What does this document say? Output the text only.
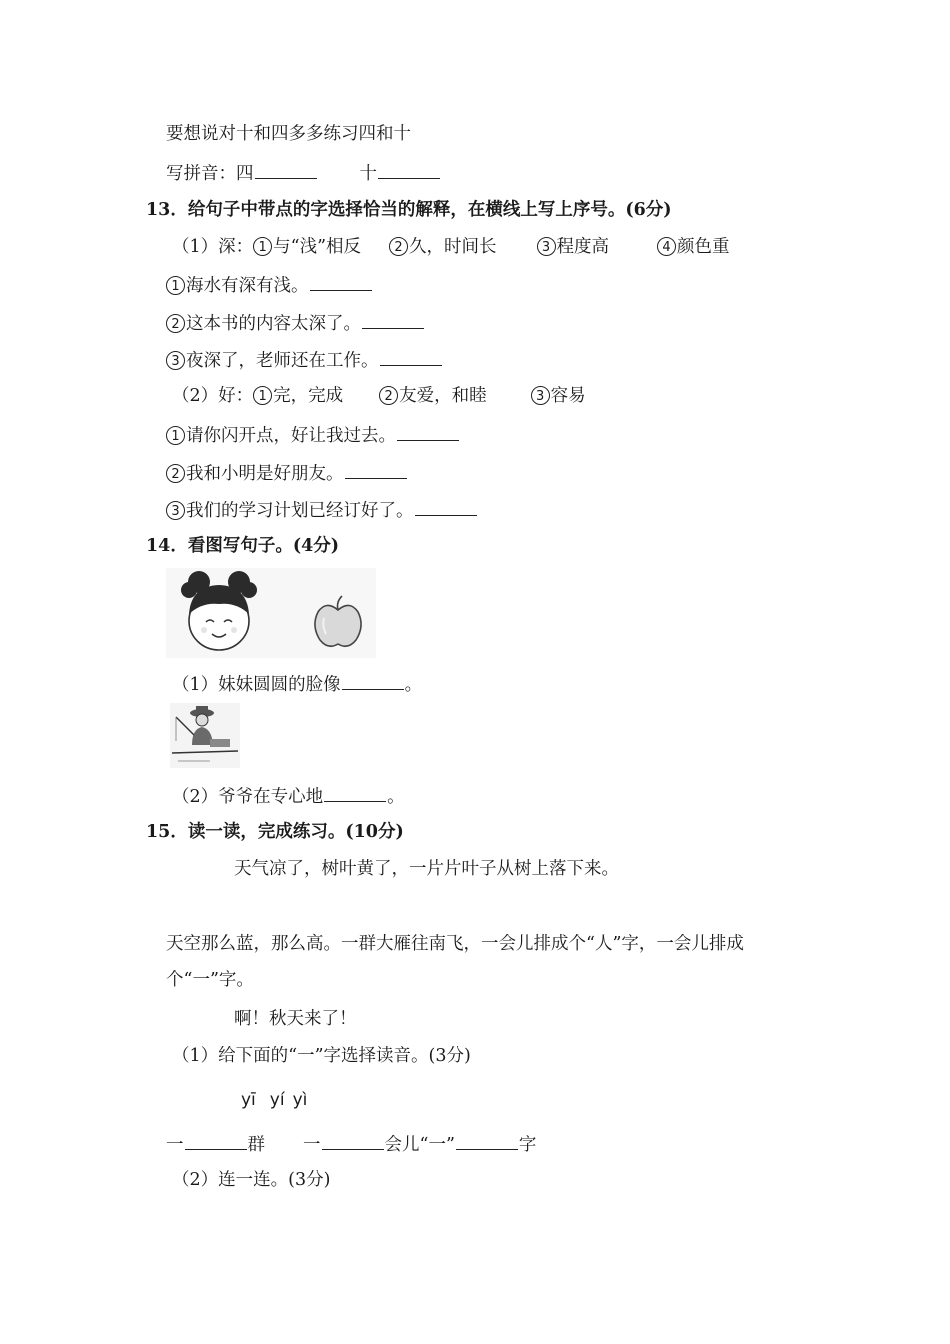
要想说对十和四多多练习四和十
写拼音：四	十
13．给句子中带点的字选择恰当的解释，在横线上写上序号。(6分)
（1）深： 1 与“浅”相反	2 久，时间长	3 程度高	4 颜色重
1 海水有深有浅。
2 这本书的内容太深了。
3 夜深了，老师还在工作。
（2）好： 1 完，完成	2 友爱，和睦	3 容易
1 请你闪开点，好让我过去。
2 我和小明是好朋友。
3 我们的学习计划已经订好了。
14．看图写句子。(4分)
（1）妹妹圆圆的脸像	。
（2）爷爷在专心地	。
15．读一读，完成练习。(10分)
天气凉了，树叶黄了，一片片叶子从树上落下来。
天空那么蓝，那么高。一群大雁往南飞，一会儿排成个“人”字，一会儿排成
个“一”字。
啊！秋天来了！
（1）给下面的“一”字选择读音。(3分)
yī yí yì
一	群 一	会儿“一”	字
（2）连一连。(3分)
